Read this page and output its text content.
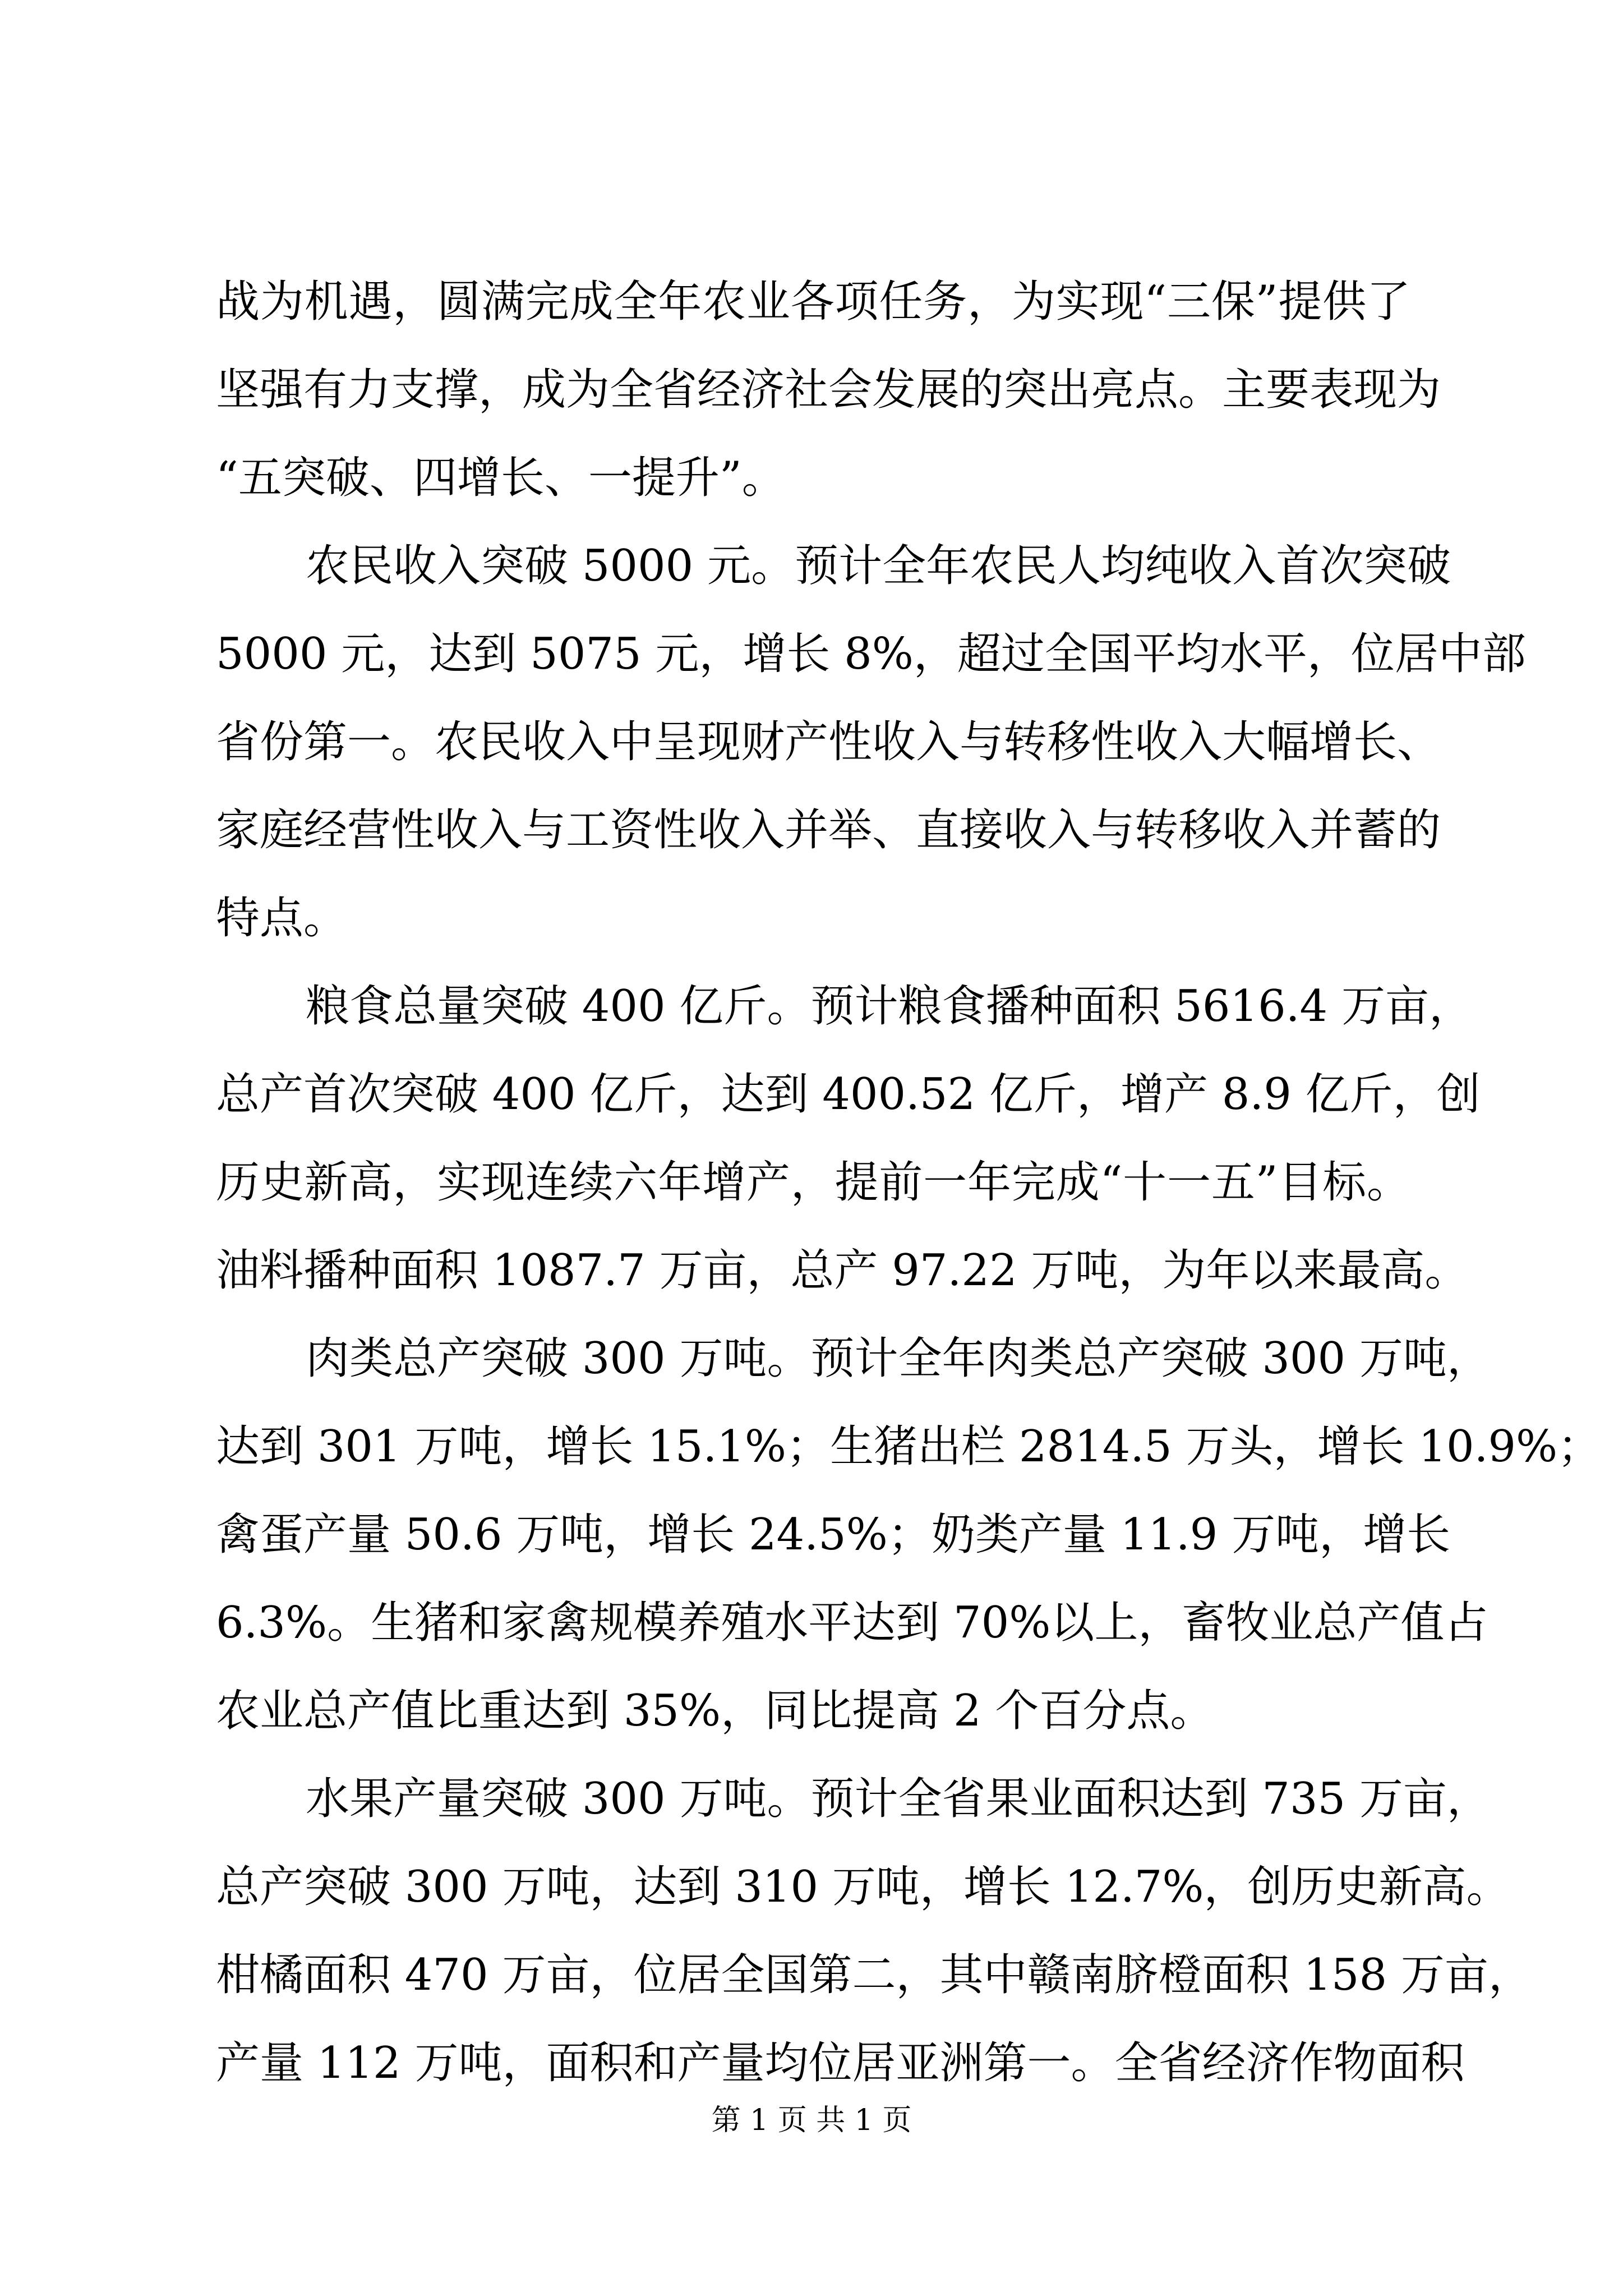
战为机遇，圆满完成全年农业各项任务，为实现“三保”提供了
坚强有力支撑，成为全省经济社会发展的突出亮点。主要表现为
“五突破、四增长、一提升”。
农民收入突破 5000 元。预计全年农民人均纯收入首次突破
5000 元，达到 5075 元，增长 8%，超过全国平均水平，位居中部
省份第一。农民收入中呈现财产性收入与转移性收入大幅增长、
家庭经营性收入与工资性收入并举、直接收入与转移收入并蓄的
特点。
粮食总量突破 400 亿斤。预计粮食播种面积 5616.4 万亩，
总产首次突破 400 亿斤，达到 400.52 亿斤，增产 8.9 亿斤，创
历史新高，实现连续六年增产，提前一年完成“十一五”目标。
油料播种面积 1087.7 万亩，总产 97.22 万吨，为年以来最高。
肉类总产突破 300 万吨。预计全年肉类总产突破 300 万吨，
达到 301 万吨，增长 15.1%；生猪出栏 2814.5 万头，增长 10.9%；
禽蛋产量 50.6 万吨，增长 24.5%；奶类产量 11.9 万吨，增长
6.3%。生猪和家禽规模养殖水平达到 70%以上，畜牧业总产值占
农业总产值比重达到 35%，同比提高 2 个百分点。
水果产量突破 300 万吨。预计全省果业面积达到 735 万亩，
总产突破 300 万吨，达到 310 万吨，增长 12.7%，创历史新高。
柑橘面积 470 万亩，位居全国第二，其中赣南脐橙面积 158 万亩，
产量 112 万吨，面积和产量均位居亚洲第一。全省经济作物面积
第 1 页 共 1 页
